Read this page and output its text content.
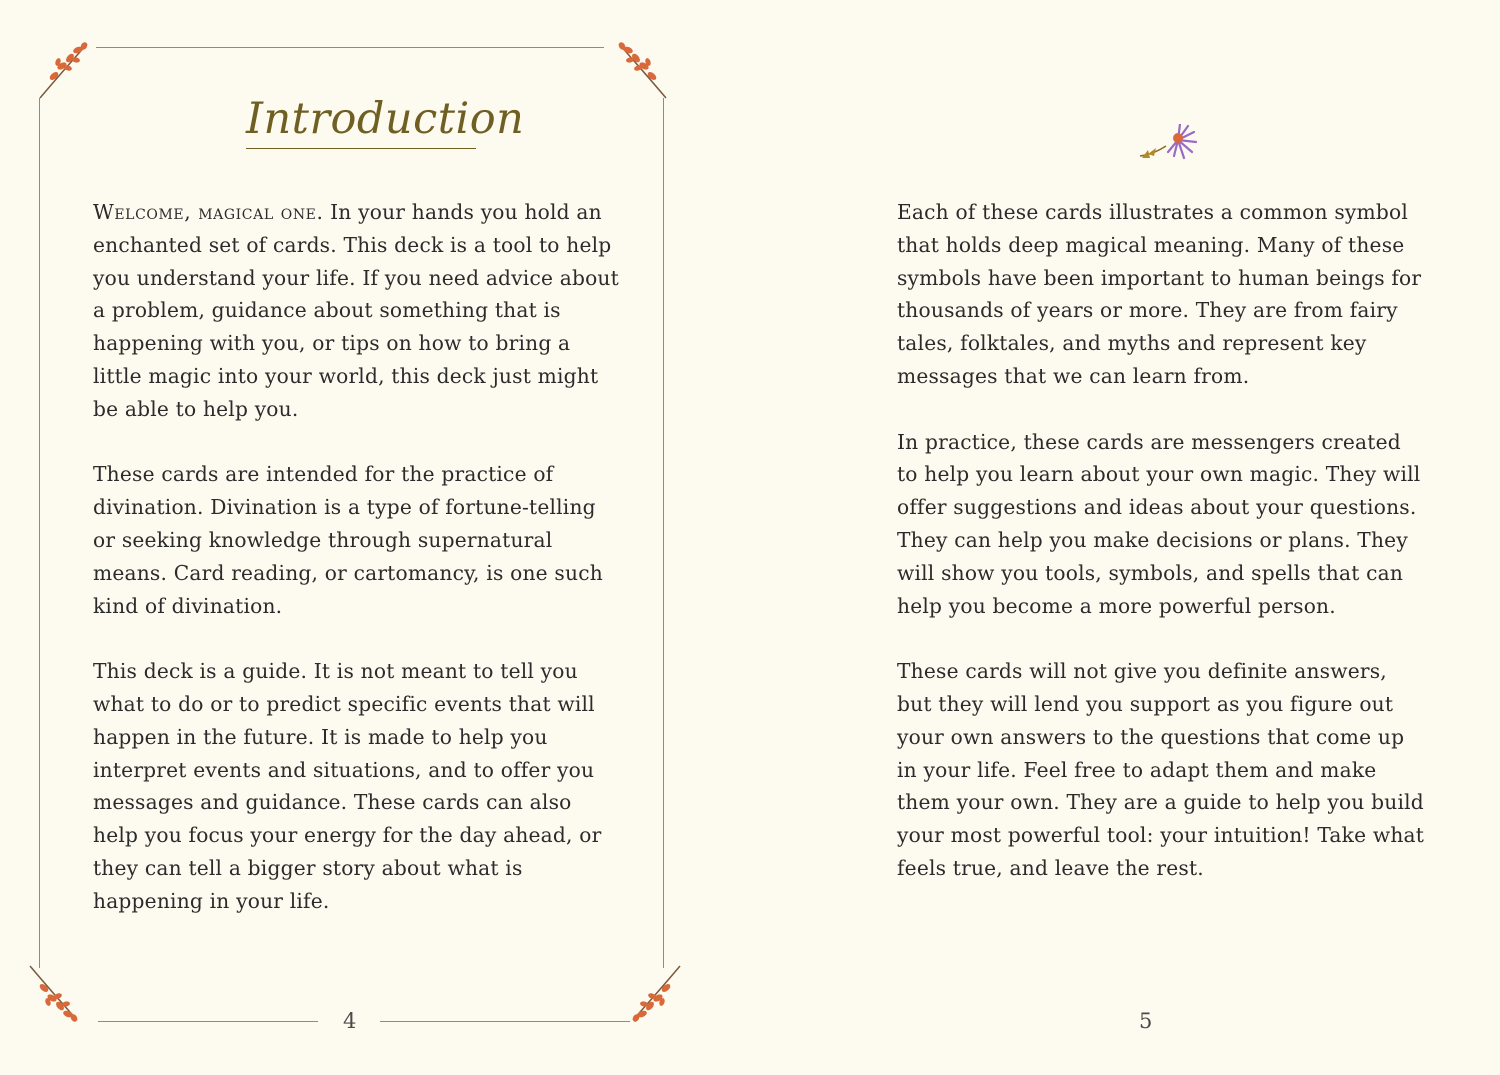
Introduction

Welcome, magical one. In your hands you hold an enchanted set of cards. This deck is a tool to help you understand your life. If you need advice about a problem, guidance about something that is happening with you, or tips on how to bring a little magic into your world, this deck just might be able to help you.

These cards are intended for the practice of divination. Divination is a type of fortune-telling or seeking knowledge through supernatural means. Card reading, or cartomancy, is one such kind of divination.

This deck is a guide. It is not meant to tell you what to do or to predict specific events that will happen in the future. It is made to help you interpret events and situations, and to offer you messages and guidance. These cards can also help you focus your energy for the day ahead, or they can tell a bigger story about what is happening in your life.

4

Each of these cards illustrates a common symbol that holds deep magical meaning. Many of these symbols have been important to human beings for thousands of years or more. They are from fairy tales, folktales, and myths and represent key messages that we can learn from.

In practice, these cards are messengers created to help you learn about your own magic. They will offer suggestions and ideas about your questions. They can help you make decisions or plans. They will show you tools, symbols, and spells that can help you become a more powerful person.

These cards will not give you definite answers, but they will lend you support as you figure out your own answers to the questions that come up in your life. Feel free to adapt them and make them your own. They are a guide to help you build your most powerful tool: your intuition! Take what feels true, and leave the rest.

5
